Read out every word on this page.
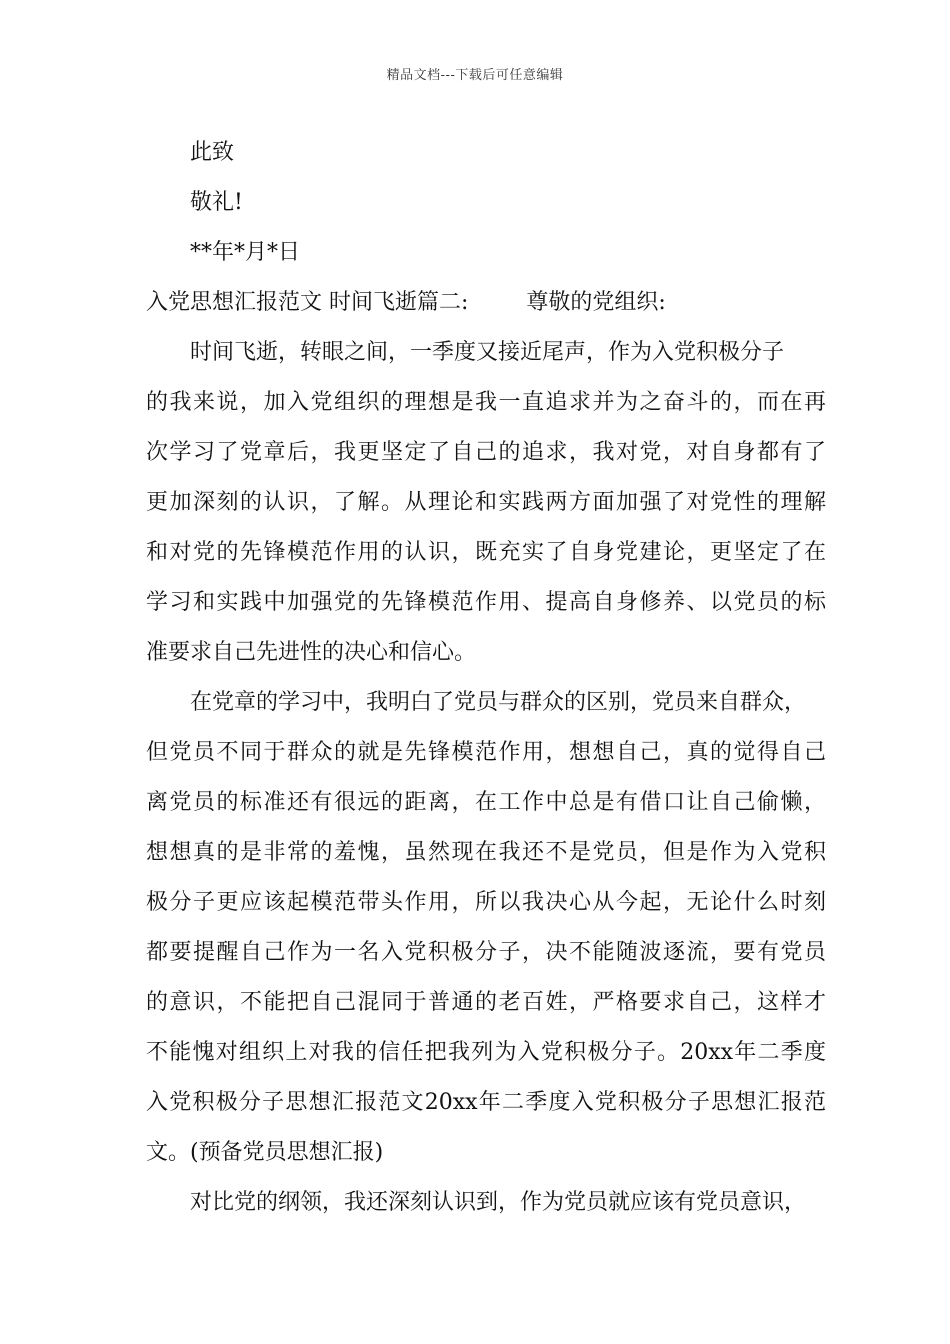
精品文档---下载后可任意编辑
此致
敬礼!
**年*月*日
入党思想汇报范文 时间飞逝篇二:	尊敬的党组织:
时间飞逝，转眼之间，一季度又接近尾声，作为入党积极分子
的我来说，加入党组织的理想是我一直追求并为之奋斗的，而在再
次学习了党章后，我更坚定了自己的追求，我对党，对自身都有了
更加深刻的认识，了解。从理论和实践两方面加强了对党性的理解
和对党的先锋模范作用的认识，既充实了自身党建论，更坚定了在
学习和实践中加强党的先锋模范作用、提高自身修养、以党员的标
准要求自己先进性的决心和信心。
在党章的学习中，我明白了党员与群众的区别，党员来自群众，
但党员不同于群众的就是先锋模范作用，想想自己，真的觉得自己
离党员的标准还有很远的距离，在工作中总是有借口让自己偷懒，
想想真的是非常的羞愧，虽然现在我还不是党员，但是作为入党积
极分子更应该起模范带头作用，所以我决心从今起，无论什么时刻
都要提醒自己作为一名入党积极分子，决不能随波逐流，要有党员
的意识，不能把自己混同于普通的老百姓，严格要求自己，这样才
不能愧对组织上对我的信任把我列为入党积极分子。20xx年二季度
入党积极分子思想汇报范文20xx年二季度入党积极分子思想汇报范
文。(预备党员思想汇报)
对比党的纲领，我还深刻认识到，作为党员就应该有党员意识，
